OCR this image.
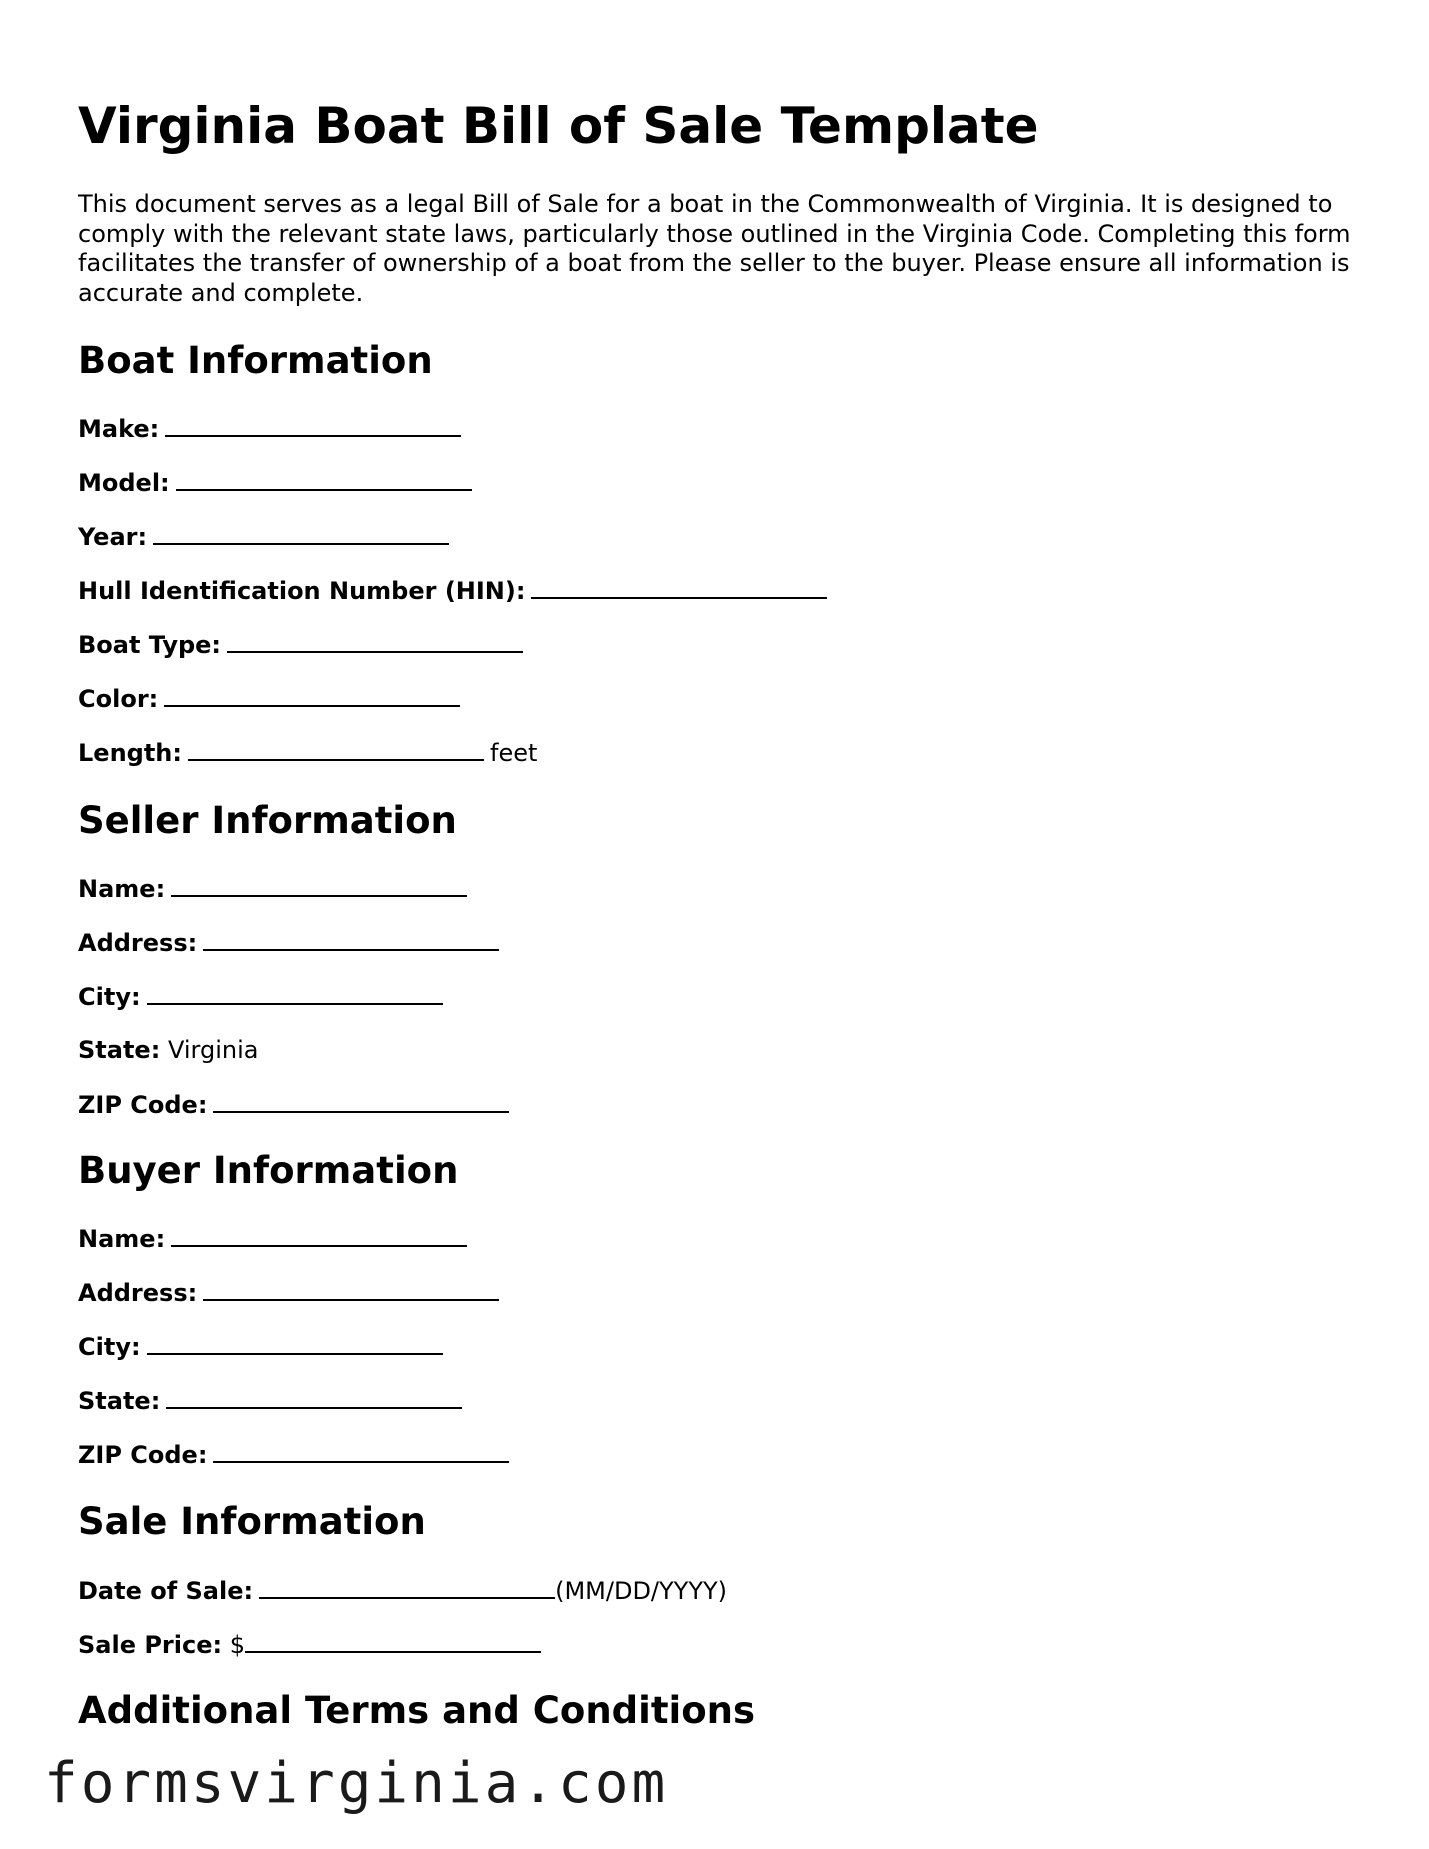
Virginia Boat Bill of Sale Template

This document serves as a legal Bill of Sale for a boat in the Commonwealth of Virginia. It is designed to comply with the relevant state laws, particularly those outlined in the Virginia Code. Completing this form facilitates the transfer of ownership of a boat from the seller to the buyer. Please ensure all information is accurate and complete.

Boat Information
Make:
Model:
Year:
Hull Identification Number (HIN):
Boat Type:
Color:
Length:	feet
Seller Information
Name:
Address:
City:
State: Virginia
ZIP Code:
Buyer Information
Name:
Address:
City:
State:
ZIP Code:
Sale Information
Date of Sale:	(MM/DD/YYYY)
Sale Price: $
Additional Terms and Conditions
formsvirginia.com
